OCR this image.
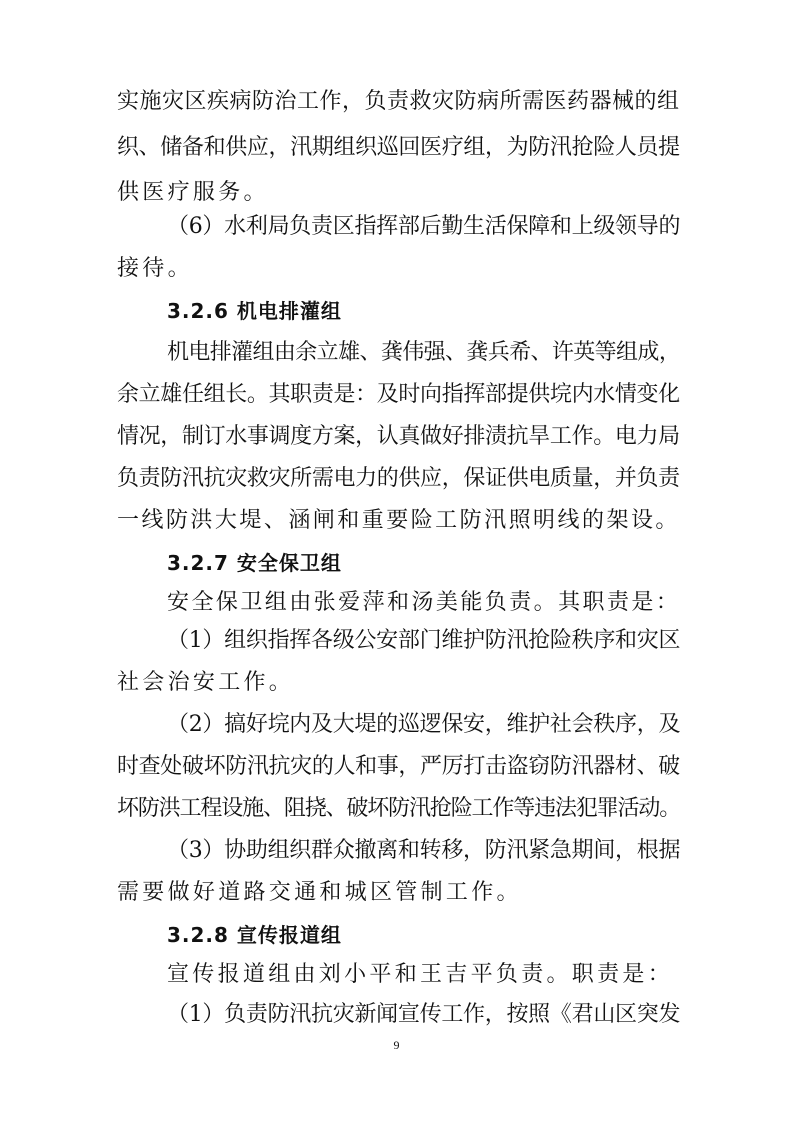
实施灾区疾病防治工作，负责救灾防病所需医药器械的组
织、储备和供应，汛期组织巡回医疗组，为防汛抢险人员提
供医疗服务。
（6）水利局负责区指挥部后勤生活保障和上级领导的
接待。
3.2.6 机电排灌组
机电排灌组由余立雄、龚伟强、龚兵希、许英等组成，
余立雄任组长。其职责是：及时向指挥部提供垸内水情变化
情况，制订水事调度方案，认真做好排渍抗旱工作。电力局
负责防汛抗灾救灾所需电力的供应，保证供电质量，并负责
一线防洪大堤、涵闸和重要险工防汛照明线的架设。
3.2.7 安全保卫组
安全保卫组由张爱萍和汤美能负责。其职责是：
（1）组织指挥各级公安部门维护防汛抢险秩序和灾区
社会治安工作。
（2）搞好垸内及大堤的巡逻保安，维护社会秩序，及
时查处破坏防汛抗灾的人和事，严厉打击盗窃防汛器材、破
坏防洪工程设施、阻挠、破坏防汛抢险工作等违法犯罪活动。
（3）协助组织群众撤离和转移，防汛紧急期间，根据
需要做好道路交通和城区管制工作。
3.2.8 宣传报道组
宣传报道组由刘小平和王吉平负责。职责是：
（1）负责防汛抗灾新闻宣传工作，按照《君山区突发
9
